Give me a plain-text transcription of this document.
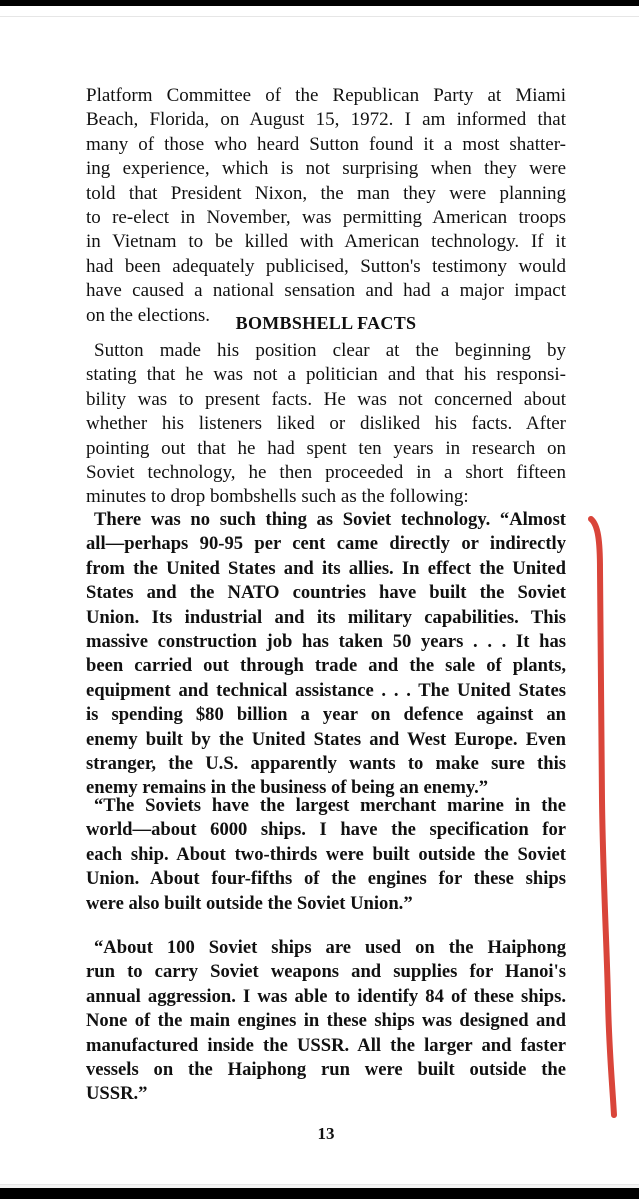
Platform Committee of the Republican Party at Miami
Beach, Florida, on August 15, 1972. I am informed that
many of those who heard Sutton found it a most shatter-
ing experience, which is not surprising when they were
told that President Nixon, the man they were planning
to re-elect in November, was permitting American troops
in Vietnam to be killed with American technology. If it
had been adequately publicised, Sutton's testimony would
have caused a national sensation and had a major impact
on the elections.	BOMBSHELL FACTS
Sutton made his position clear at the beginning by
stating that he was not a politician and that his responsi-
bility was to present facts. He was not concerned about
whether his listeners liked or disliked his facts. After
pointing out that he had spent ten years in research on
Soviet technology, he then proceeded in a short fifteen
minutes to drop bombshells such as the following:
There was no such thing as Soviet technology. “Almost
all—perhaps 90-95 per cent came directly or indirectly
from the United States and its allies. In effect the United
States and the NATO countries have built the Soviet
Union. Its industrial and its military capabilities. This
massive construction job has taken 50 years . . . It has
been carried out through trade and the sale of plants,
equipment and technical assistance . . . The United States
is spending $80 billion a year on defence against an
enemy built by the United States and West Europe. Even
stranger, the U.S. apparently wants to make sure this
enemy remains in the business of being an enemy.”
“The Soviets have the largest merchant marine in the
world—about 6000 ships. I have the specification for
each ship. About two-thirds were built outside the Soviet
Union. About four-fifths of the engines for these ships
were also built outside the Soviet Union.”
“About 100 Soviet ships are used on the Haiphong
run to carry Soviet weapons and supplies for Hanoi's
annual aggression. I was able to identify 84 of these ships.
None of the main engines in these ships was designed and
manufactured inside the USSR. All the larger and faster
vessels on the Haiphong run were built outside the
USSR.”
13
